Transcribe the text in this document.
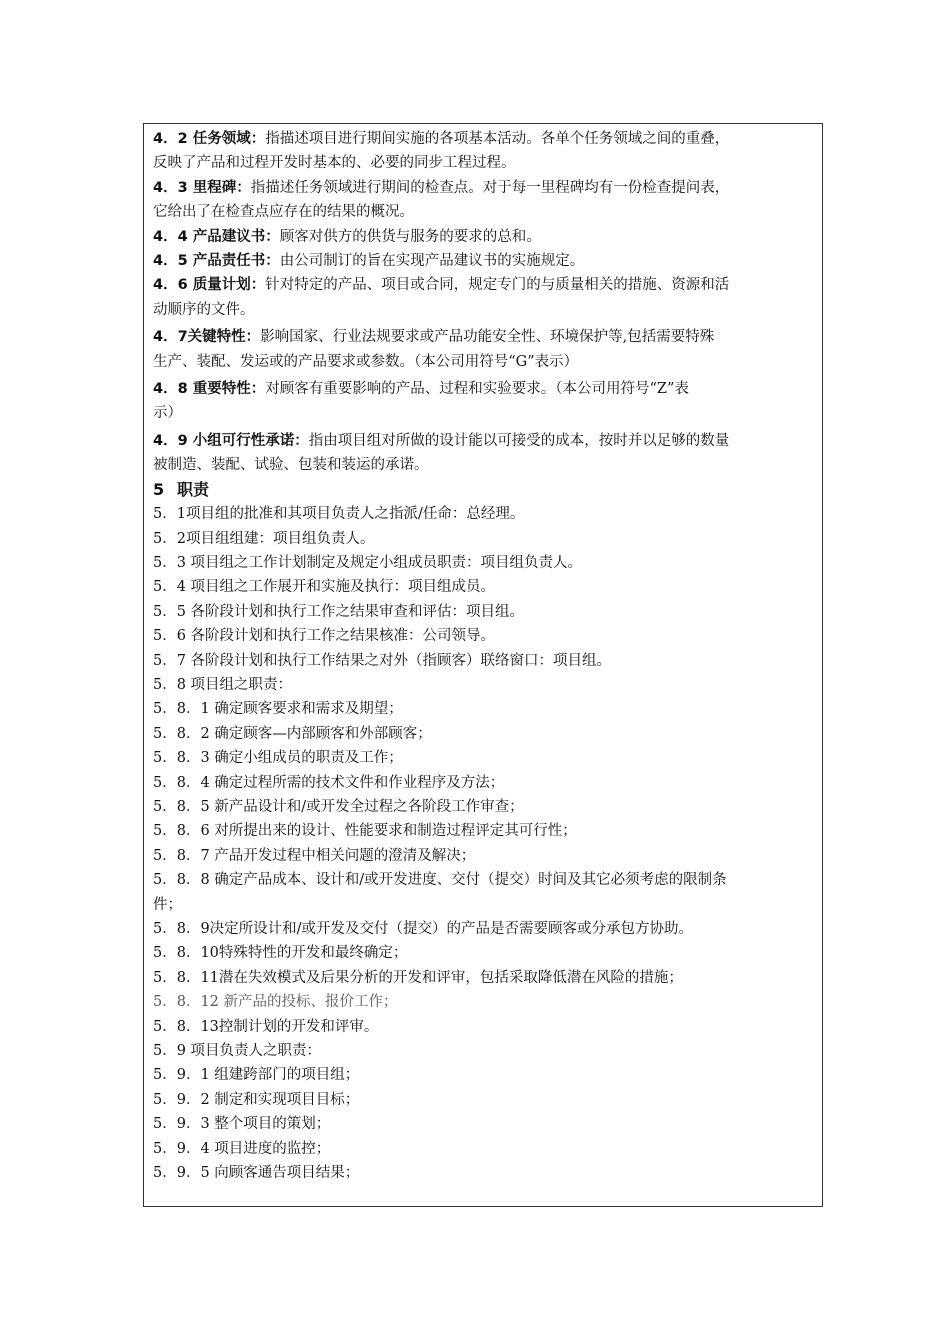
4．2 任务领域：指描述项目进行期间实施的各项基本活动。各单个任务领域之间的重叠，
反映了产品和过程开发时基本的、必要的同步工程过程。
4．3 里程碑：指描述任务领域进行期间的检查点。对于每一里程碑均有一份检查提问表，
它给出了在检查点应存在的结果的概况。
4．4 产品建议书：顾客对供方的供货与服务的要求的总和。
4．5 产品责任书：由公司制订的旨在实现产品建议书的实施规定。
4．6 质量计划：针对特定的产品、项目或合同，规定专门的与质量相关的措施、资源和活
动顺序的文件。
4．7关键特性：影响国家、行业法规要求或产品功能安全性、环境保护等,包括需要特殊
生产、装配、发运或的产品要求或参数。（本公司用符号“G”表示）
4．8 重要特性：对顾客有重要影响的产品、过程和实验要求。（本公司用符号“Z”表
示）
4．9 小组可行性承诺：指由项目组对所做的设计能以可接受的成本，按时并以足够的数量
被制造、装配、试验、包装和装运的承诺。
5 职责
5．1项目组的批准和其项目负责人之指派/任命：总经理。
5．2项目组组建：项目组负责人。
5．3 项目组之工作计划制定及规定小组成员职责：项目组负责人。
5．4 项目组之工作展开和实施及执行：项目组成员。
5．5 各阶段计划和执行工作之结果审查和评估：项目组。
5．6 各阶段计划和执行工作之结果核准：公司领导。
5．7 各阶段计划和执行工作结果之对外（指顾客）联络窗口：项目组。
5．8 项目组之职责：
5．8．1 确定顾客要求和需求及期望；
5．8．2 确定顾客—内部顾客和外部顾客；
5．8．3 确定小组成员的职责及工作；
5．8．4 确定过程所需的技术文件和作业程序及方法；
5．8．5 新产品设计和/或开发全过程之各阶段工作审查；
5．8．6 对所提出来的设计、性能要求和制造过程评定其可行性；
5．8．7 产品开发过程中相关问题的澄清及解决；
5．8．8 确定产品成本、设计和/或开发进度、交付（提交）时间及其它必须考虑的限制条
件；
5．8．9决定所设计和/或开发及交付（提交）的产品是否需要顾客或分承包方协助。
5．8．10特殊特性的开发和最终确定；
5．8．11潜在失效模式及后果分析的开发和评审，包括采取降低潜在风险的措施；
5．8．12 新产品的投标、报价工作；
5．8．13控制计划的开发和评审。
5．9 项目负责人之职责：
5．9．1 组建跨部门的项目组；
5．9．2 制定和实现项目目标；
5．9．3 整个项目的策划；
5．9．4 项目进度的监控；
5．9．5 向顾客通告项目结果；
